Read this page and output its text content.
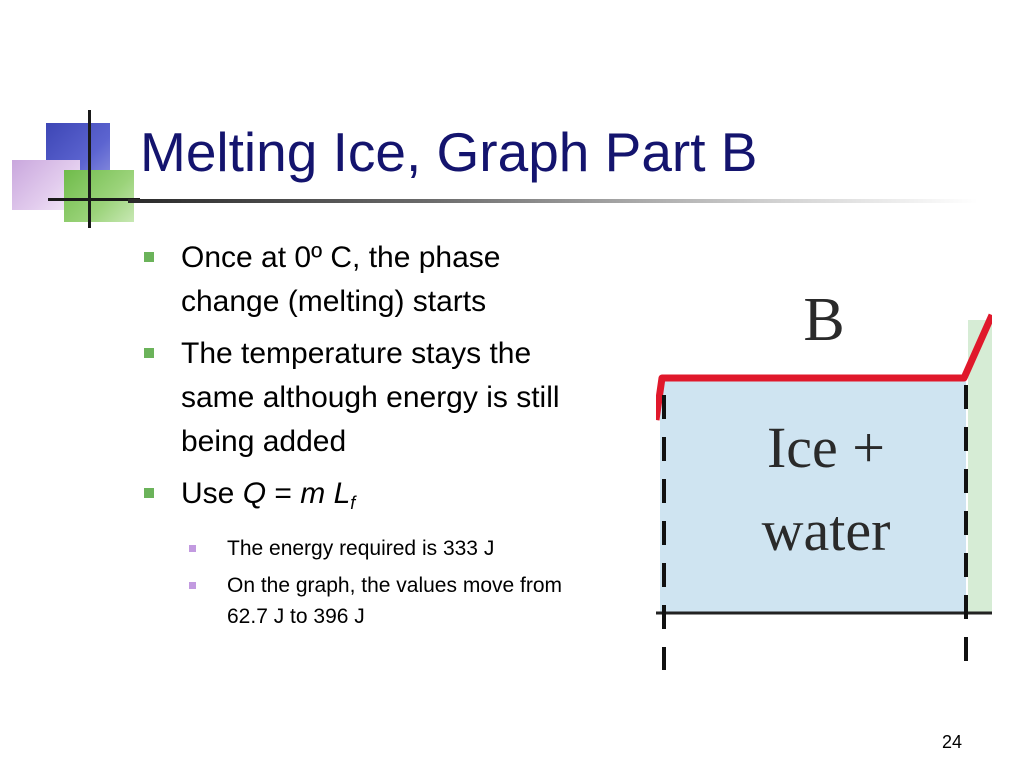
Melting Ice, Graph Part B
Once at 0º C, the phase change (melting) starts
The temperature stays the same although energy is still being added
Use Q = m $L_f$
The energy required is 333 J
On the graph, the values move from 62.7 J to 396 J
B
Ice +
water
24
